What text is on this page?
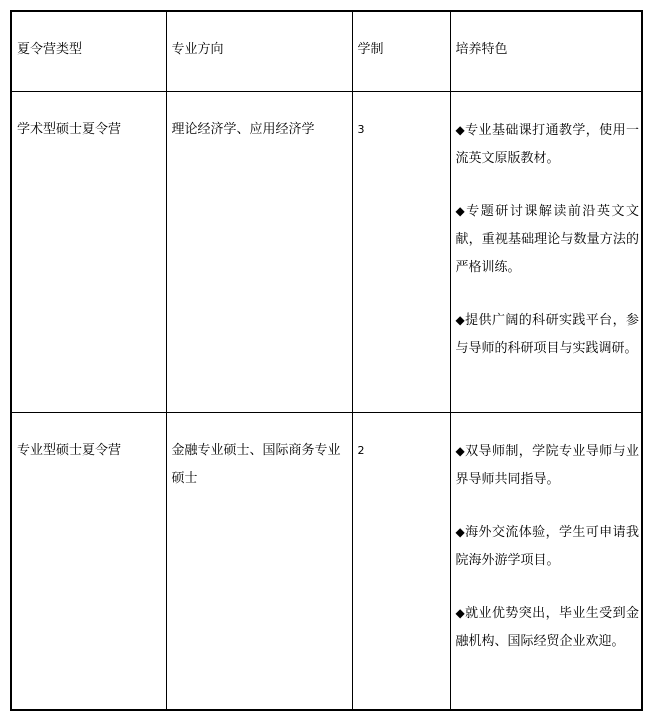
夏令营类型	专业方向	学制	培养特色

学术型硕士夏令营	理论经济学、应用经济学	3	◆专业基础课打通教学，使用一流英文原版教材。

◆专题研讨课解读前沿英文文献，重视基础理论与数量方法的严格训练。

◆提供广阔的科研实践平台，参与导师的科研项目与实践调研。

专业型硕士夏令营	金融专业硕士、国际商务专业硕士	2	◆双导师制，学院专业导师与业界导师共同指导。

◆海外交流体验，学生可申请我院海外游学项目。

◆就业优势突出，毕业生受到金融机构、国际经贸企业欢迎。
